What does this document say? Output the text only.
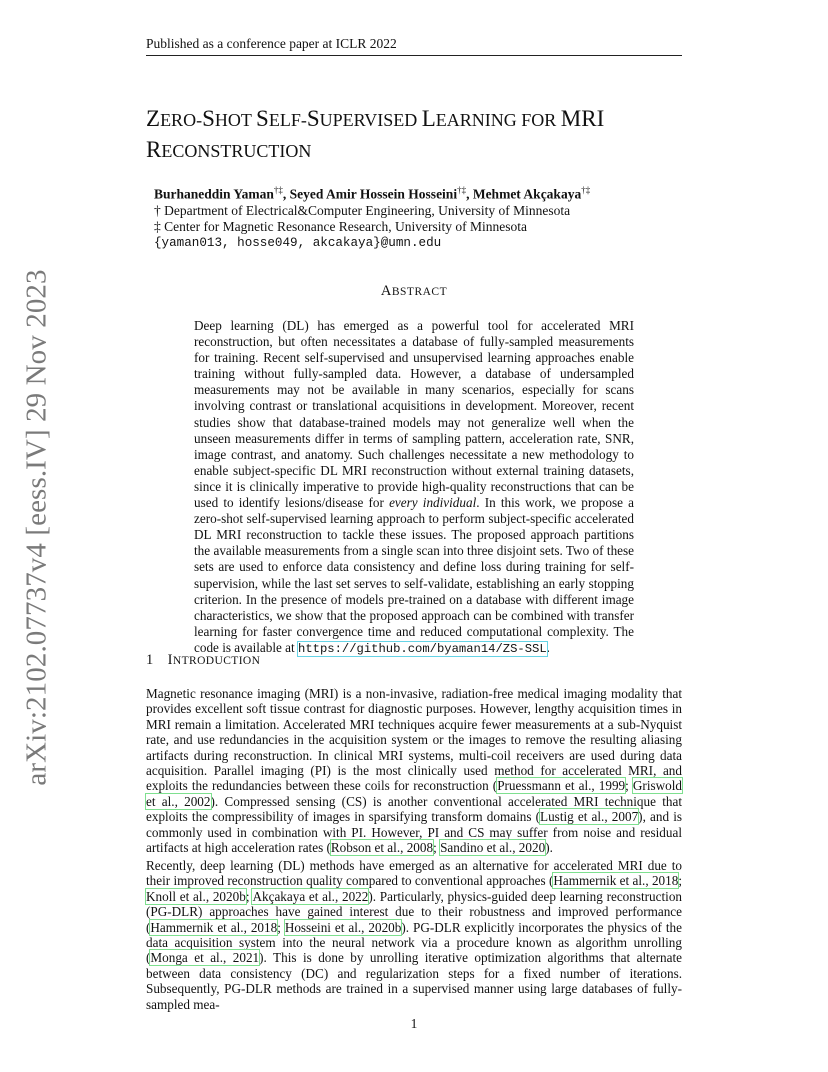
Published as a conference paper at ICLR 2022
arXiv:2102.07737v4 [eess.IV] 29 Nov 2023
ZERO-SHOT SELF-SUPERVISED LEARNING FOR MRI
RECONSTRUCTION
Burhaneddin Yaman†‡, Seyed Amir Hossein Hosseini†‡, Mehmet Akçakaya†‡
† Department of Electrical&Computer Engineering, University of Minnesota
‡ Center for Magnetic Resonance Research, University of Minnesota
{yaman013, hosse049, akcakaya}@umn.edu
ABSTRACT
Deep learning (DL) has emerged as a powerful tool for accelerated MRI reconstruction, but often necessitates a database of fully-sampled measurements for training. Recent self-supervised and unsupervised learning approaches enable training without fully-sampled data. However, a database of undersampled measurements may not be available in many scenarios, especially for scans involving contrast or translational acquisitions in development. Moreover, recent studies show that database-trained models may not generalize well when the unseen measurements differ in terms of sampling pattern, acceleration rate, SNR, image contrast, and anatomy. Such challenges necessitate a new methodology to enable subject-specific DL MRI reconstruction without external training datasets, since it is clinically imperative to provide high-quality reconstructions that can be used to identify lesions/disease for every individual. In this work, we propose a zero-shot self-supervised learning approach to perform subject-specific accelerated DL MRI reconstruction to tackle these issues. The proposed approach partitions the available measurements from a single scan into three disjoint sets. Two of these sets are used to enforce data consistency and define loss during training for self-supervision, while the last set serves to self-validate, establishing an early stopping criterion. In the presence of models pre-trained on a database with different image characteristics, we show that the proposed approach can be combined with transfer learning for faster convergence time and reduced computational complexity. The code is available at https://github.com/byaman14/ZS-SSL.
1 INTRODUCTION
Magnetic resonance imaging (MRI) is a non-invasive, radiation-free medical imaging modality that provides excellent soft tissue contrast for diagnostic purposes. However, lengthy acquisition times in MRI remain a limitation. Accelerated MRI techniques acquire fewer measurements at a sub-Nyquist rate, and use redundancies in the acquisition system or the images to remove the resulting aliasing artifacts during reconstruction. In clinical MRI systems, multi-coil receivers are used during data acquisition. Parallel imaging (PI) is the most clinically used method for accelerated MRI, and exploits the redundancies between these coils for reconstruction (Pruessmann et al., 1999; Griswold et al., 2002). Compressed sensing (CS) is another conventional accelerated MRI technique that exploits the compressibility of images in sparsifying transform domains (Lustig et al., 2007), and is commonly used in combination with PI. However, PI and CS may suffer from noise and residual artifacts at high acceleration rates (Robson et al., 2008; Sandino et al., 2020).
Recently, deep learning (DL) methods have emerged as an alternative for accelerated MRI due to their improved reconstruction quality compared to conventional approaches (Hammernik et al., 2018; Knoll et al., 2020b; Akçakaya et al., 2022). Particularly, physics-guided deep learning reconstruction (PG-DLR) approaches have gained interest due to their robustness and improved performance (Hammernik et al., 2018; Hosseini et al., 2020b). PG-DLR explicitly incorporates the physics of the data acquisition system into the neural network via a procedure known as algorithm unrolling (Monga et al., 2021). This is done by unrolling iterative optimization algorithms that alternate between data consistency (DC) and regularization steps for a fixed number of iterations. Subsequently, PG-DLR methods are trained in a supervised manner using large databases of fully-sampled mea-
1
